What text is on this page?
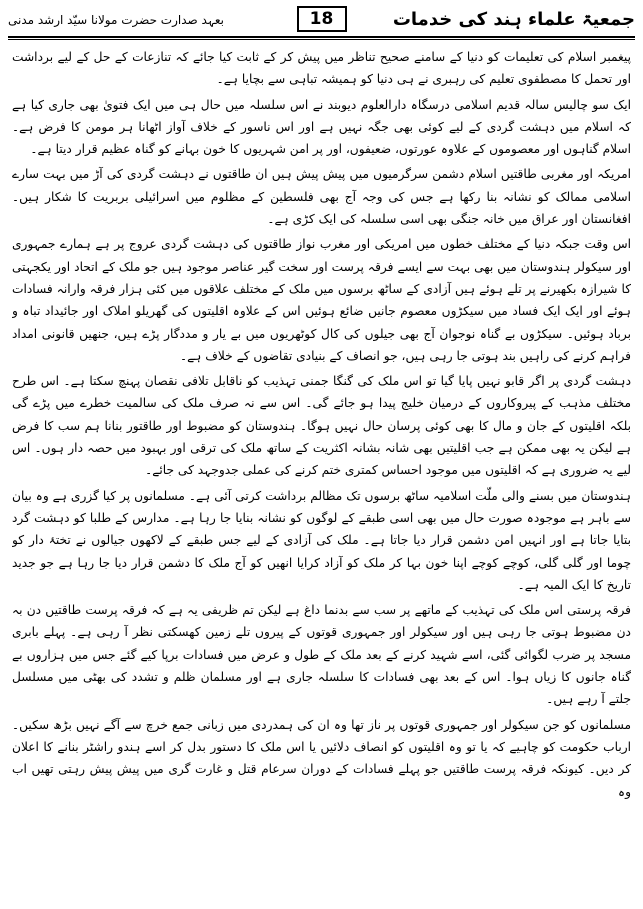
جمعیۃ علماء ہند کی خدمات
18
بعہد صدارت حضرت مولانا سیّد ارشد مدنی

پیغمبر اسلام کی تعلیمات کو دنیا کے سامنے صحیح تناظر میں پیش کر کے ثابت کیا جائے کہ تنازعات کے حل کے لیے برداشت اور تحمل کا مصطفوی تعلیم کی رہبری نے ہی دنیا کو ہمیشہ تباہی سے بچایا ہے۔

ایک سو چالیس سالہ قدیم اسلامی درسگاہ دارالعلوم دیوبند نے اس سلسلہ میں حال ہی میں ایک فتویٰ بھی جاری کیا ہے کہ اسلام میں دہشت گردی کے لیے کوئی بھی جگہ نہیں ہے اور اس ناسور کے خلاف آواز اٹھانا ہر مومن کا فرض ہے۔ اسلام گناہوں اور معصوموں کے علاوہ عورتوں، ضعیفوں، اور پر امن شہریوں کا خون بہانے کو گناہ عظیم قرار دیتا ہے۔

امریکہ اور مغربی طاقتیں اسلام دشمن سرگرمیوں میں پیش پیش ہیں ان طاقتوں نے دہشت گردی کی آڑ میں بہت سارے اسلامی ممالک کو نشانہ بنا رکھا ہے جس کی وجہ آج بھی فلسطین کے مظلوم میں اسرائیلی بربریت کا شکار ہیں۔ افغانستان اور عراق میں خانہ جنگی بھی اسی سلسلہ کی ایک کڑی ہے۔

اس وقت جبکہ دنیا کے مختلف خطوں میں امریکی اور مغرب نواز طاقتوں کی دہشت گردی عروج پر ہے ہمارے جمہوری اور سیکولر ہندوستان میں بھی بہت سے ایسے فرقہ پرست اور سخت گیر عناصر موجود ہیں جو ملک کے اتحاد اور یکجہتی کا شیرازہ بکھیرنے پر تلے ہوئے ہیں آزادی کے ساٹھ برسوں میں ملک کے مختلف علاقوں میں کئی ہزار فرقہ وارانہ فسادات ہوئے اور ایک ایک فساد میں سیکڑوں معصوم جانیں ضائع ہوئیں اس کے علاوہ اقلیتوں کی گھریلو املاک اور جائیداد تباہ و برباد ہوئیں۔ سیکڑوں بے گناہ نوجوان آج بھی جیلوں کی کال کوٹھریوں میں بے یار و مددگار پڑے ہیں، جنھیں قانونی امداد فراہم کرنے کی راہیں بند ہوتی جا رہی ہیں، جو انصاف کے بنیادی تقاضوں کے خلاف ہے۔

دہشت گردی پر اگر قابو نہیں پایا گیا تو اس ملک کی گنگا جمنی تہذیب کو ناقابل تلافی نقصان پہنچ سکتا ہے۔ اس طرح مختلف مذہب کے پیروکاروں کے درمیان خلیج پیدا ہو جائے گی۔ اس سے نہ صرف ملک کی سالمیت خطرے میں پڑے گی بلکہ اقلیتوں کے جان و مال کا بھی کوئی پرسان حال نہیں ہوگا۔ ہندوستان کو مضبوط اور طاقتور بنانا ہم سب کا فرض ہے لیکن یہ بھی ممکن ہے جب اقلیتیں بھی شانہ بشانہ اکثریت کے ساتھ ملک کی ترقی اور بہبود میں حصہ دار ہوں۔ اس لیے یہ ضروری ہے کہ اقلیتوں میں موجود احساس کمتری ختم کرنے کی عملی جدوجہد کی جائے۔

ہندوستان میں بسنے والی ملّت اسلامیہ ساٹھ برسوں تک مظالم برداشت کرتی آئی ہے۔ مسلمانوں پر کیا گزری ہے وہ بیان سے باہر ہے موجودہ صورت حال میں بھی اسی طبقے کے لوگوں کو نشانہ بنایا جا رہا ہے۔ مدارس کے طلبا کو دہشت گرد بتایا جاتا ہے اور انہیں امن دشمن قرار دیا جاتا ہے۔ ملک کی آزادی کے لیے جس طبقے کے لاکھوں جیالوں نے تختۂ دار کو چوما اور گلی گلی، کوچے کوچے اپنا خون بہا کر ملک کو آزاد کرایا انھیں کو آج ملک کا دشمن قرار دیا جا رہا ہے جو جدید تاریخ کا ایک المیہ ہے۔

فرقہ پرستی اس ملک کی تہذیب کے ماتھے پر سب سے بدنما داغ ہے لیکن تم ظریفی یہ ہے کہ فرقہ پرست طاقتیں دن بہ دن مضبوط ہوتی جا رہی ہیں اور سیکولر اور جمہوری قوتوں کے پیروں تلے زمین کھسکتی نظر آ رہی ہے۔ پہلے بابری مسجد پر ضرب لگوائی گئی، اسے شہید کرنے کے بعد ملک کے طول و عرض میں فسادات برپا کیے گئے جس میں ہزاروں بے گناہ جانوں کا زیاں ہوا۔ اس کے بعد بھی فسادات کا سلسلہ جاری ہے اور مسلمان ظلم و تشدد کی بھٹی میں مسلسل جلتے آ رہے ہیں۔

مسلمانوں کو جن سیکولر اور جمہوری قوتوں پر ناز تھا وہ ان کی ہمدردی میں زبانی جمع خرچ سے آگے نہیں بڑھ سکیں۔ ارباب حکومت کو چاہیے کہ یا تو وہ اقلیتوں کو انصاف دلائیں یا اس ملک کا دستور بدل کر اسے ہندو راشٹر بنانے کا اعلان کر دیں۔ کیونکہ فرقہ پرست طاقتیں جو پہلے فسادات کے دوران سرعام قتل و غارت گری میں پیش پیش رہتی تھیں اب وہ
